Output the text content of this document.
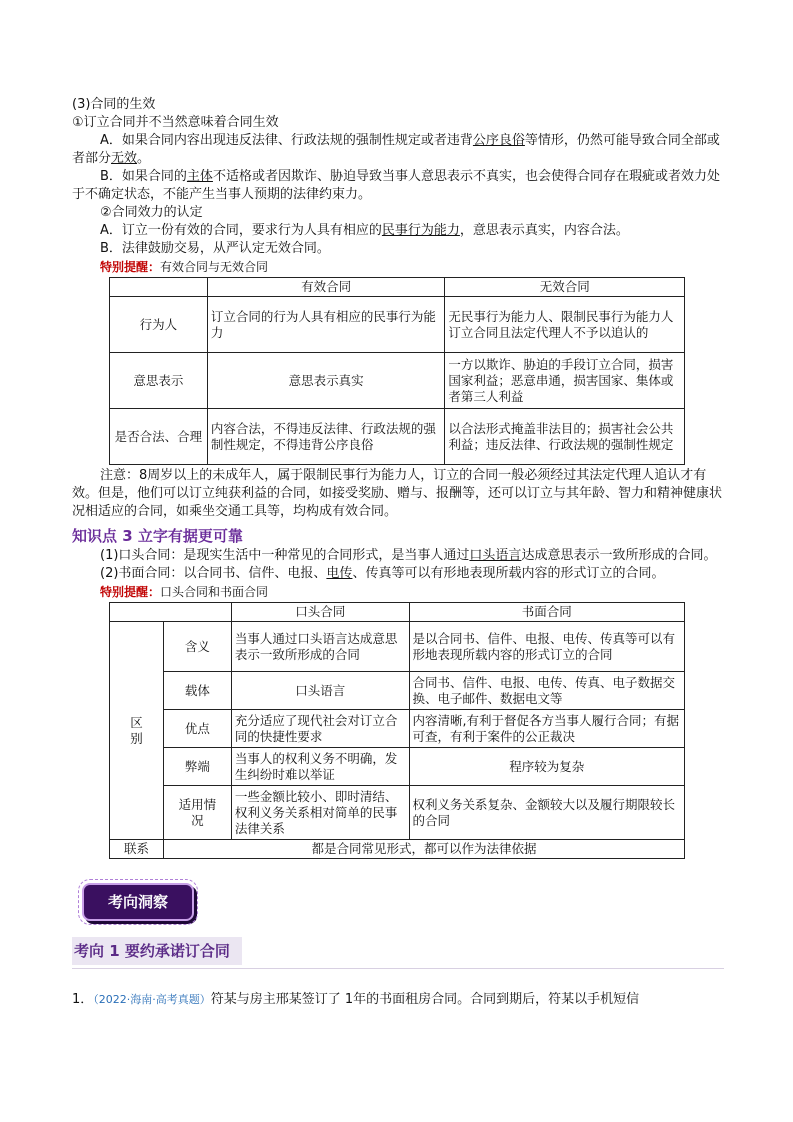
(3)合同的生效

①订立合同并不当然意味着合同生效

A．如果合同内容出现违反法律、行政法规的强制性规定或者违背公序良俗等情形，仍然可能导致合同全部或者部分无效。

B．如果合同的主体不适格或者因欺诈、胁迫导致当事人意思表示不真实，也会使得合同存在瑕疵或者效力处于不确定状态，不能产生当事人预期的法律约束力。

②合同效力的认定

A．订立一份有效的合同，要求行为人具有相应的民事行为能力，意思表示真实，内容合法。

B．法律鼓励交易，从严认定无效合同。

特别提醒：有效合同与无效合同

	有效合同	无效合同
行为人	订立合同的行为人具有相应的民事行为能力	无民事行为能力人、限制民事行为能力人订立合同且法定代理人不予以追认的
意思表示	意思表示真实	一方以欺诈、胁迫的手段订立合同，损害国家利益；恶意串通，损害国家、集体或者第三人利益
是否合法、合理	内容合法，不得违反法律、行政法规的强制性规定，不得违背公序良俗	以合法形式掩盖非法目的；损害社会公共利益；违反法律、行政法规的强制性规定

注意：8周岁以上的未成年人，属于限制民事行为能力人，订立的合同一般必须经过其法定代理人追认才有效。但是，他们可以订立纯获利益的合同，如接受奖励、赠与、报酬等，还可以订立与其年龄、智力和精神健康状况相适应的合同，如乘坐交通工具等，均构成有效合同。

知识点 3 立字有据更可靠

(1)口头合同：是现实生活中一种常见的合同形式，是当事人通过口头语言达成意思表示一致所形成的合同。

(2)书面合同：以合同书、信件、电报、电传、传真等可以有形地表现所载内容的形式订立的合同。

特别提醒：口头合同和书面合同

		口头合同	书面合同
区别	含义	当事人通过口头语言达成意思表示一致所形成的合同	是以合同书、信件、电报、电传、传真等可以有形地表现所载内容的形式订立的合同
	载体	口头语言	合同书、信件、电报、电传、传真、电子数据交换、电子邮件、数据电文等
	优点	充分适应了现代社会对订立合同的快捷性要求	内容清晰,有利于督促各方当事人履行合同；有据可查，有利于案件的公正裁决
	弊端	当事人的权利义务不明确，发生纠纷时难以举证	程序较为复杂
	适用情况	一些金额比较小、即时清结、权利义务关系相对简单的民事法律关系	权利义务关系复杂、金额较大以及履行期限较长的合同
联系	都是合同常见形式，都可以作为法律依据		
考向洞察
考向 1 要约承诺订合同

1．（2022·海南·高考真题）符某与房主邢某签订了 1年的书面租房合同。合同到期后，符某以手机短信
